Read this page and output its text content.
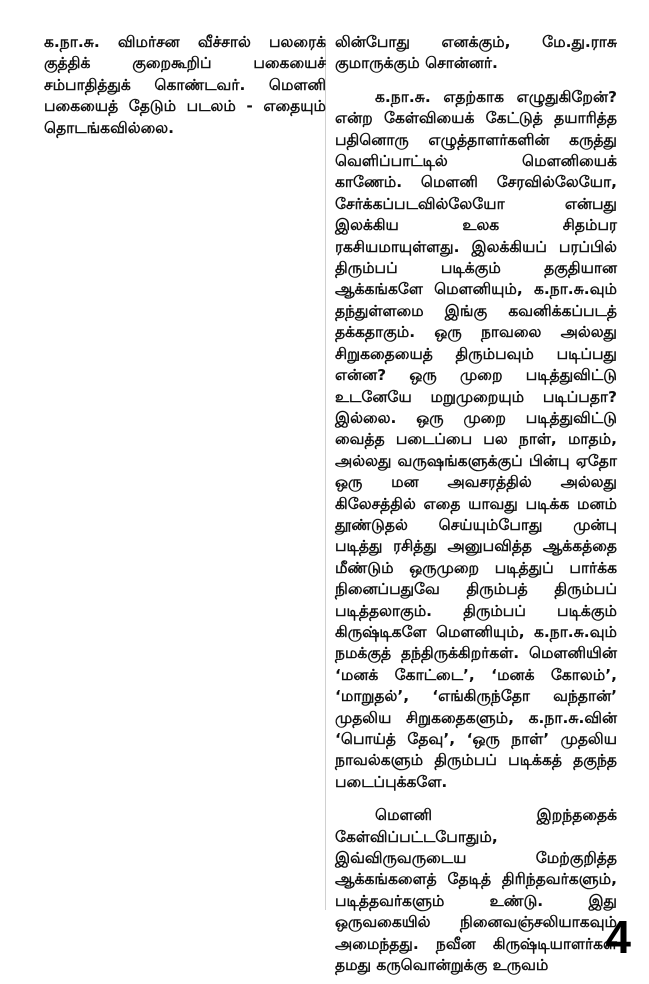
க.நா.சு. விமர்சன வீச்சால் பலரைக் குத்திக் குறைகூறிப் பகையைச் சம்பாதித்துக் கொண்டவர். மௌனி பகையைத் தேடும் படலம் - எதையும் தொடங்கவில்லை.

லின்போது எனக்கும், மே.து.ராசு குமாருக்கும் சொன்னர்.

க.நா.சு. எதற்காக எழுதுகிறேன்? என்ற கேள்வியைக் கேட்டுத் தயாரித்த பதினொரு எழுத்தாளர்களின் கருத்து வெளிப்பாட்டில் மௌனியைக் காணேம். மௌனி சேரவில்லேயோ, சேர்க்கப்படவில்லேயோ என்பது இலக்கிய உலக சிதம்பர ரகசியமாயுள்ளது. இலக்கியப் பரப்பில் திரும்பப் படிக்கும் தகுதியான ஆக்கங்களே மௌனியும், க.நா.சு.வும் தந்துள்ளமை இங்கு கவனிக்கப்படத் தக்கதாகும். ஒரு நாவலை அல்லது சிறுகதையைத் திரும்பவும் படிப்பது என்ன? ஒரு முறை படித்துவிட்டு உடனேயே மறுமுறையும் படிப்பதா? இல்லை. ஒரு முறை படித்துவிட்டு வைத்த படைப்பை பல நாள், மாதம், அல்லது வருஷங்களுக்குப் பின்பு ஏதோ ஒரு மன அவசரத்தில் அல்லது கிலேசத்தில் எதை யாவது படிக்க மனம் தூண்டுதல் செய்யும்போது முன்பு படித்து ரசித்து அனுபவித்த ஆக்கத்தை மீண்டும் ஒருமுறை படித்துப் பார்க்க நினைப்பதுவே திரும்பத் திரும்பப் படித்தலாகும். திரும்பப் படிக்கும் கிருஷ்டிகளே மௌனியும், க.நா.சு.வும் நமக்குத் தந்திருக்கிறர்கள். மௌனியின் ‘மனக் கோட்டை’, ‘மனக் கோலம்’, ‘மாறுதல்’, ‘எங்கிருந்தோ வந்தான்’ முதலிய சிறுகதைகளும், க.நா.சு.வின் ‘பொய்த் தேவு’, ‘ஒரு நாள்’ முதலிய நாவல்களும் திரும்பப் படிக்கத் தகுந்த படைப்புக்களே.

மௌனி இறந்ததைக் கேள்விப்பட்டபோதும், இவ்விருவருடைய மேற்குறித்த ஆக்கங்களைத் தேடித் திரிந்தவர்களும், படித்தவர்களும் உண்டு. இது ஒருவகையில் நினைவஞ்சலியாகவும் அமைந்தது. நவீன கிருஷ்டியாளர்கள் தமது கருவொன்றுக்கு உருவம்

4
